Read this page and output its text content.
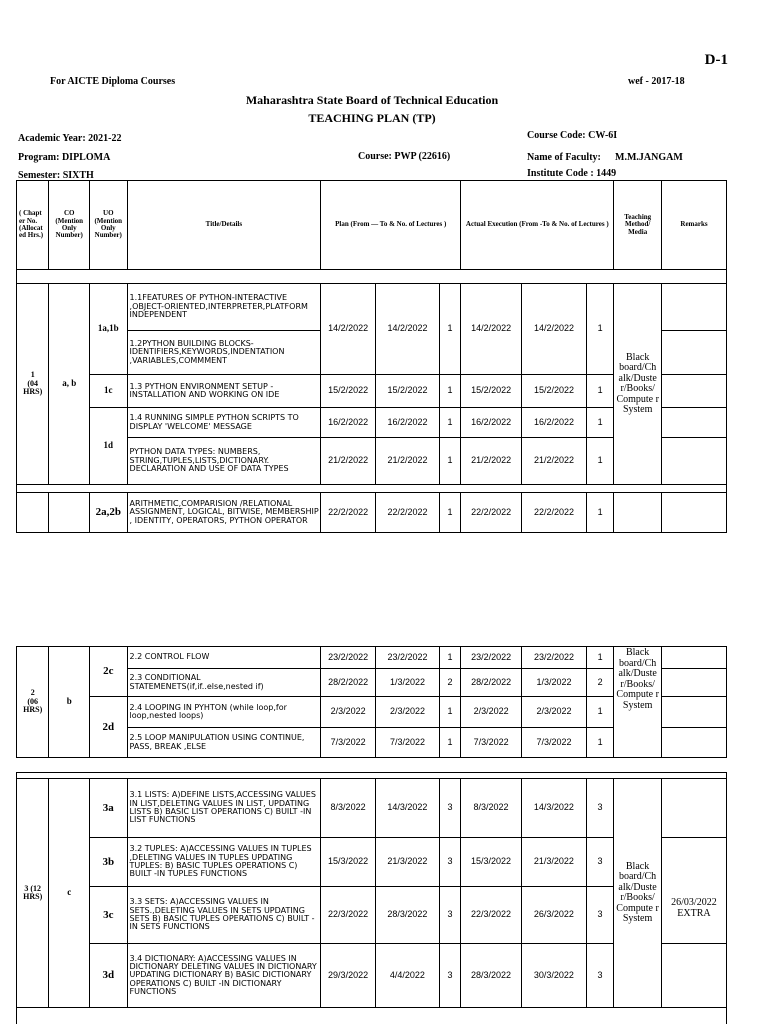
D-1
For AICTE Diploma Courses	wef - 2017-18
Maharashtra State Board of Technical Education
TEACHING PLAN (TP)
Academic Year: 2021-22	Course Code: CW-6I
Program: DIPLOMA	Course: PWP (22616)	Name of Faculty: M.M.JANGAM
Semester: SIXTH	Institute Code : 1449
( Chapt er No. (Allocat ed Hrs.)	CO (Mention Only Number)	UO (Mention Only Number)	Title/Details	Plan (From — To & No. of Lectures )			Actual Execution (From -To & No. of Lectures )			Teaching Method/ Media	Remarks

1
(04
HRS)	a, b	1a,1b	1.1FEATURES OF PYTHON-INTERACTIVE ,OBJECT-ORIENTED,INTERPRETER,PLATFORM INDEPENDENT	14/2/2022	14/2/2022	1	14/2/2022	14/2/2022	1	Black board/Ch alk/Duste r/Books/ Compute r System	
			1.2PYTHON BUILDING BLOCKS-IDENTIFIERS,KEYWORDS,INDENTATION ,VARIABLES,COMMMENT								
		1c	1.3 PYTHON ENVIRONMENT SETUP -INSTALLATION AND WORKING ON IDE	15/2/2022	15/2/2022	1	15/2/2022	15/2/2022	1		
		1d	1.4 RUNNING SIMPLE PYTHON SCRIPTS TO DISPLAY 'WELCOME' MESSAGE	16/2/2022	16/2/2022	1	16/2/2022	16/2/2022	1		
			PYTHON DATA TYPES: NUMBERS, STRING,TUPLES,LISTS,DICTIONARY. DECLARATION AND USE OF DATA TYPES	21/2/2022	21/2/2022	1	21/2/2022	21/2/2022	1		

		2a,2b	ARITHMETIC,COMPARISION /RELATIONAL ASSIGNMENT, LOGICAL, BITWISE, MEMBERSHIP , IDENTITY, OPERATORS, PYTHON OPERATOR	22/2/2022	22/2/2022	1	22/2/2022	22/2/2022	1		
2
(06
HRS)	b	2c	2.2 CONTROL FLOW	23/2/2022	23/2/2022	1	23/2/2022	23/2/2022	1	Black board/Ch alk/Duste r/Books/ Compute r System	
			2.3 CONDITIONAL STATEMENETS(if,if..else,nested if)	28/2/2022	1/3/2022	2	28/2/2022	1/3/2022	2		
		2d	2.4 LOOPING IN PYHTON (while loop,for loop,nested loops)	2/3/2022	2/3/2022	1	2/3/2022	2/3/2022	1		
			2.5 LOOP MANIPULATION USING CONTINUE, PASS, BREAK ,ELSE	7/3/2022	7/3/2022	1	7/3/2022	7/3/2022	1		

3 (12
HRS)	c	3a	3.1 LISTS: A)DEFINE LISTS,ACCESSING VALUES IN LIST,DELETING VALUES IN LIST, UPDATING LISTS B) BASIC LIST OPERATIONS C) BUILT -IN LIST FUNCTIONS	8/3/2022	14/3/2022	3	8/3/2022	14/3/2022	3	Black board/Ch alk/Duste r/Books/ Compute r System	
		3b	3.2 TUPLES: A)ACCESSING VALUES IN TUPLES ,DELETING VALUES IN TUPLES UPDATING TUPLES: B) BASIC TUPLES OPERATIONS C) BUILT -IN TUPLES FUNCTIONS	15/3/2022	21/3/2022	3	15/3/2022	21/3/2022	3		26/03/2022 EXTRA
		3c	3.3 SETS: A)ACCESSING VALUES IN SETS.,DELETING VALUES IN SETS UPDATING SETS B) BASIC TUPLES OPERATIONS C) BUILT -IN SETS FUNCTIONS	22/3/2022	28/3/2022	3	22/3/2022	26/3/2022	3		
		3d	3.4 DICTIONARY: A)ACCESSING VALUES IN DICTIONARY DELETING VALUES IN DICTIONARY UPDATING DICTIONARY B) BASIC DICTIONARY OPERATIONS C) BUILT -IN DICTIONARY FUNCTIONS	29/3/2022	4/4/2022	3	28/3/2022	30/3/2022	3		
